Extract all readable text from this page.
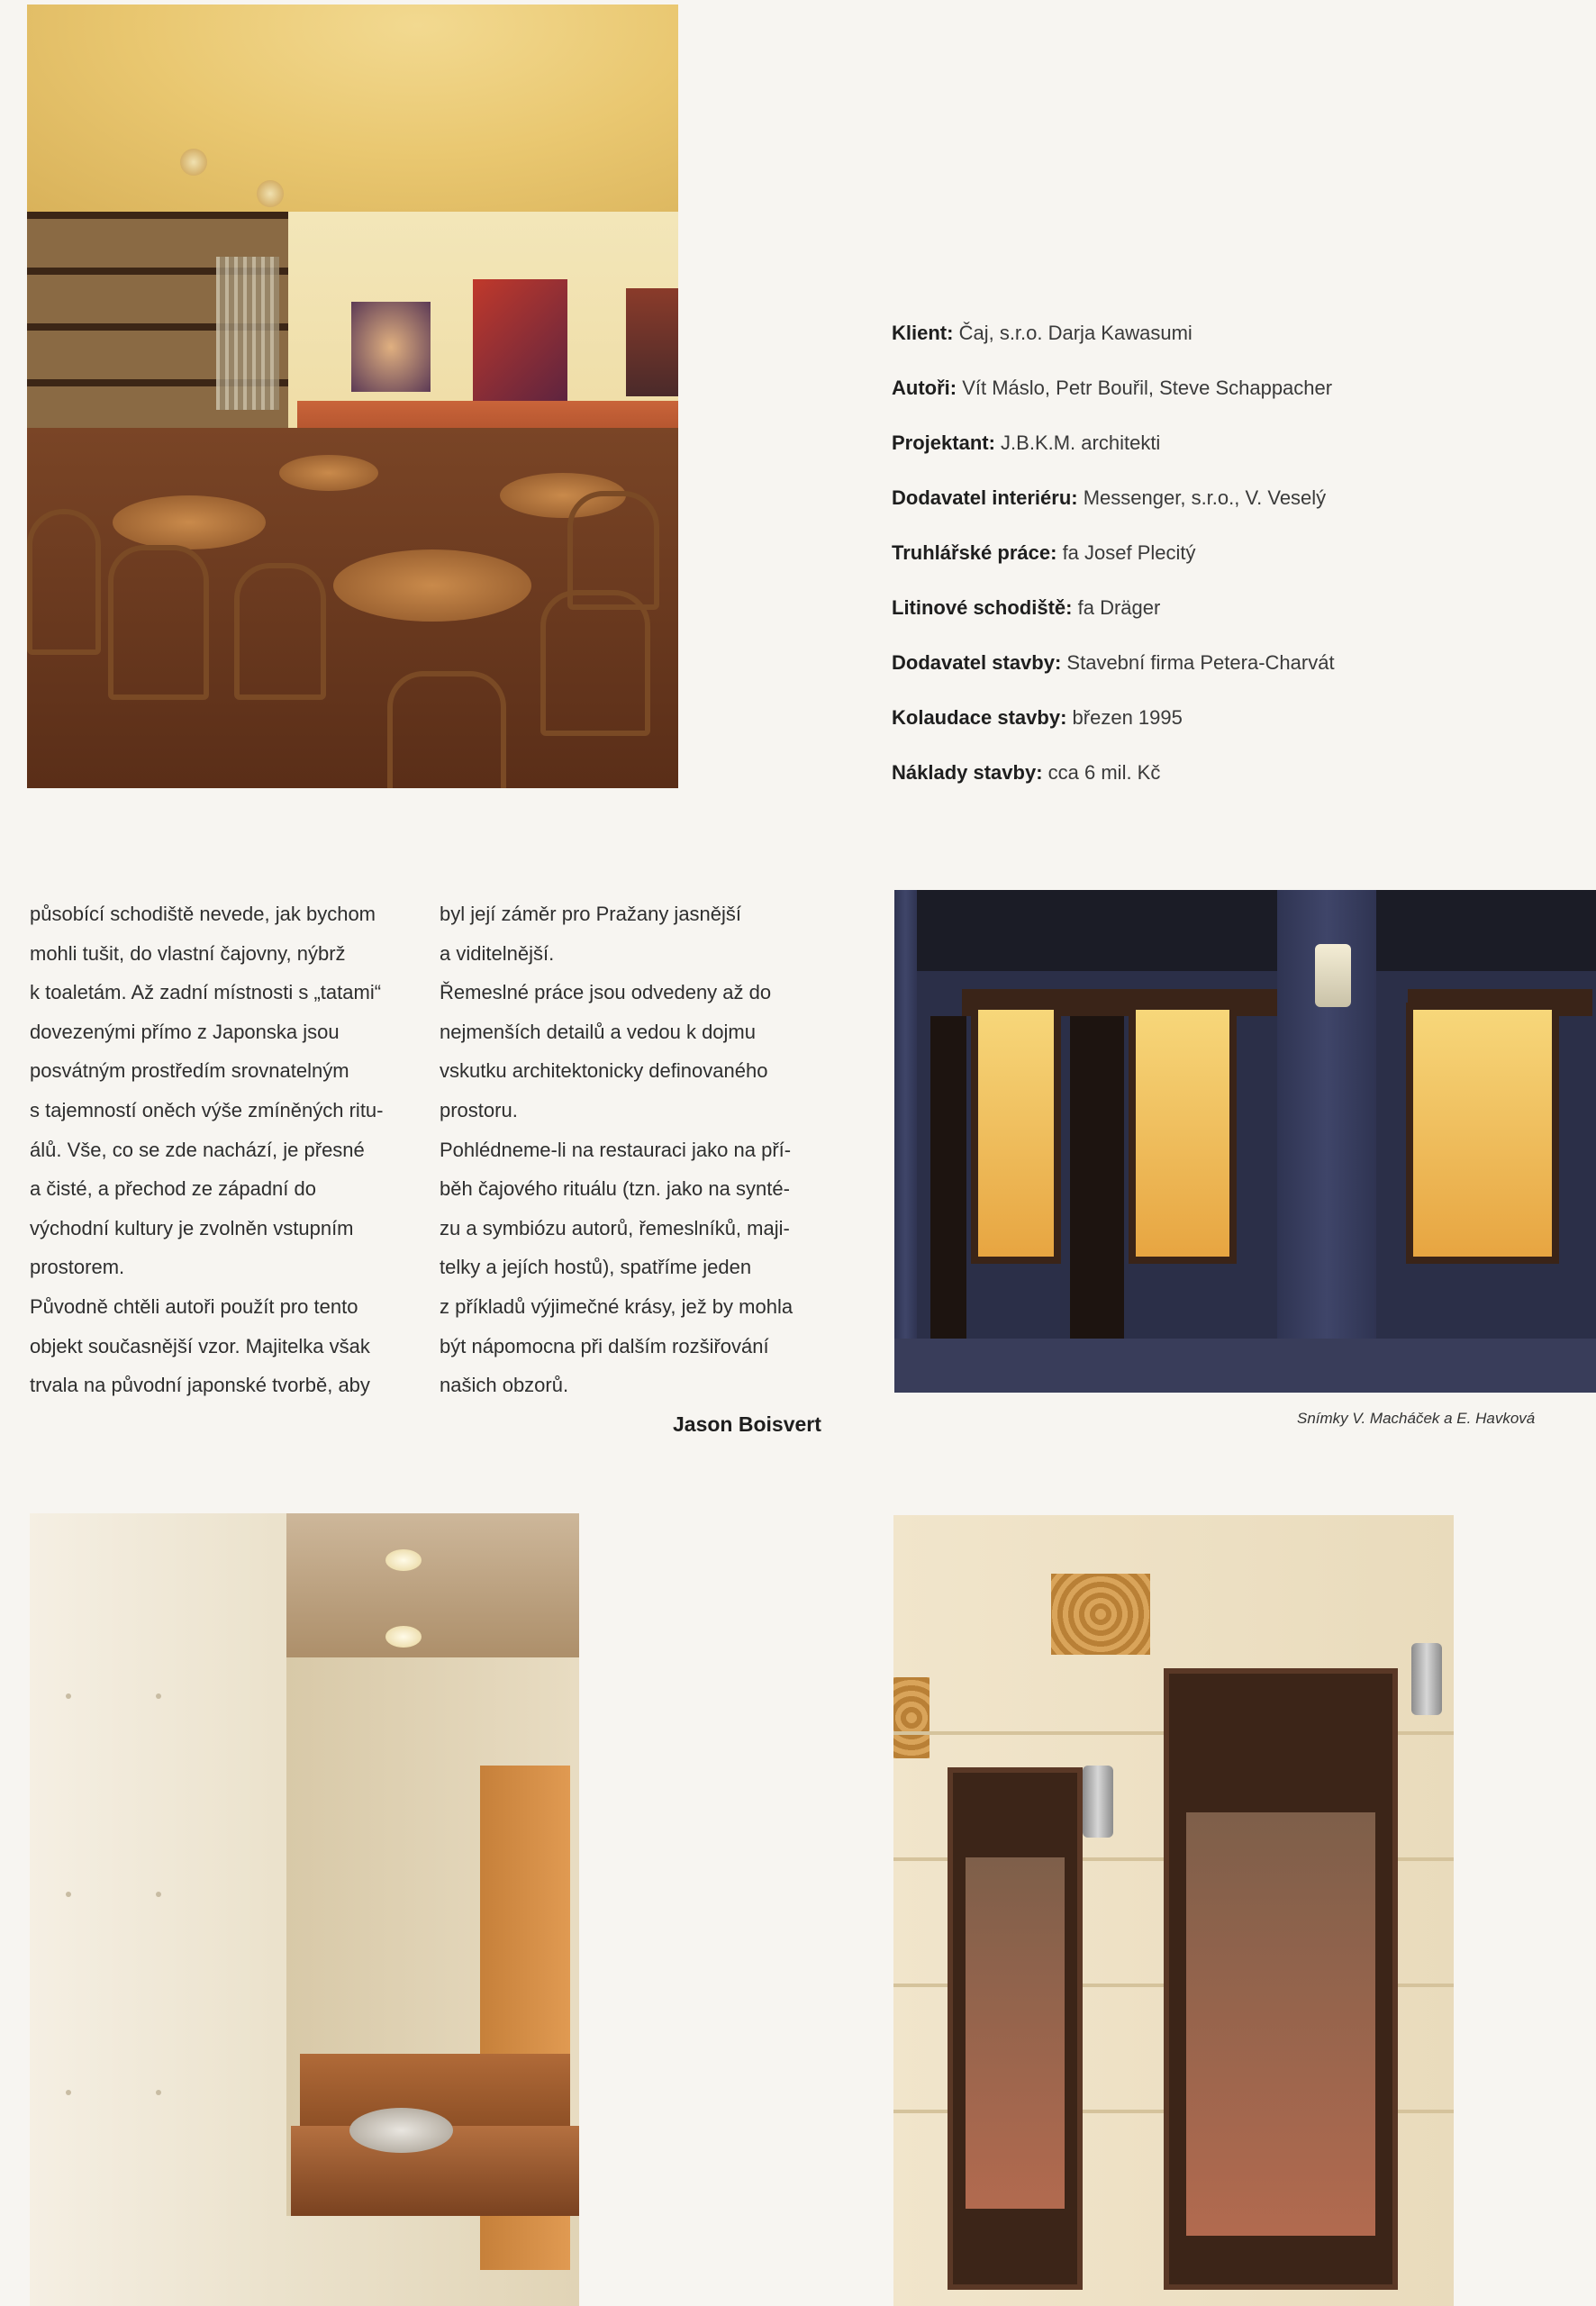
Klient: Čaj, s.r.o. Darja Kawasumi
Autoři: Vít Máslo, Petr Bouřil, Steve Schappacher
Projektant: J.B.K.M. architekti
Dodavatel interiéru: Messenger, s.r.o., V. Veselý
Truhlářské práce: fa Josef Plecitý
Litinové schodiště: fa Dräger
Dodavatel stavby: Stavební firma Petera-Charvát
Kolaudace stavby: březen 1995
Náklady stavby: cca 6 mil. Kč

působící schodiště nevede, jak bychom

mohli tušit, do vlastní čajovny, nýbrž

k toaletám. Až zadní místnosti s „tatami“

dovezenými přímo z Japonska jsou

posvátným prostředím srovnatelným

s tajemností oněch výše zmíněných ritu-

álů. Vše, co se zde nachází, je přesné

a čisté, a přechod ze západní do

východní kultury je zvolněn vstupním

prostorem.

Původně chtěli autoři použít pro tento

objekt současnější vzor. Majitelka však

trvala na původní japonské tvorbě, aby

byl její záměr pro Pražany jasnější

a viditelnější.

Řemeslné práce jsou odvedeny až do

nejmenších detailů a vedou k dojmu

vskutku architektonicky definovaného

prostoru.

Pohlédneme-li na restauraci jako na pří-

běh čajového rituálu (tzn. jako na synté-

zu a symbiózu autorů, řemeslníků, maji-

telky a jejích hostů), spatříme jeden

z příkladů výjimečné krásy, jež by mohla

být nápomocna při dalším rozšiřování

našich obzorů.

Jason Boisvert	Snímky V. Macháček a E. Havková
